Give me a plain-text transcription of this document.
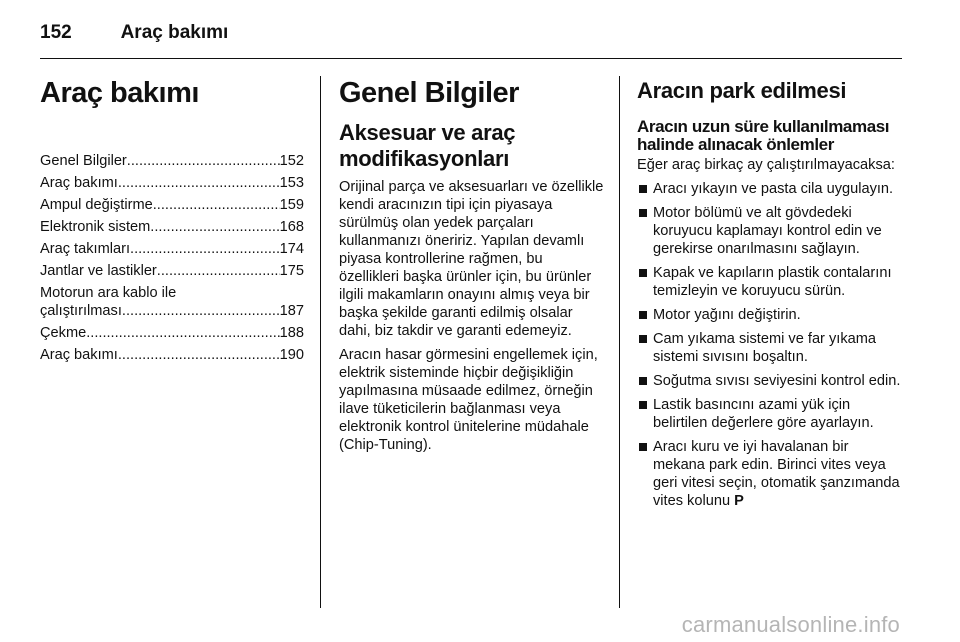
152	Araç bakımı
Araç bakımı
Genel Bilgiler .....	152
Araç bakımı .....	153
Ampul değiştirme .....	159
Elektronik sistem .....	168
Araç takımları .....	174
Jantlar ve lastikler .....	175
Motorun ara kablo ile
çalıştırılması .....	187
Çekme .....	188
Araç bakımı .....	190
Genel Bilgiler
Aksesuar ve araç modifikasyonları

Orijinal parça ve aksesuarları ve özellikle kendi aracınızın tipi için piyasaya sürülmüş olan yedek parçaları kullanmanızı öneririz. Yapılan devamlı piyasa kontrollerine rağmen, bu özellikleri başka ürünler için, bu ürünler ilgili makamların onayını almış veya bir başka şekilde garanti edilmiş olsalar dahi, biz takdir ve garanti edemeyiz.

Aracın hasar görmesini engellemek için, elektrik sisteminde hiçbir değişikliğin yapılmasına müsaade edilmez, örneğin ilave tüketicilerin bağlanması veya elektronik kontrol ünitelerine müdahale (Chip-Tuning).

Aracın park edilmesi
Aracın uzun süre kullanılmaması halinde alınacak önlemler

Eğer araç birkaç ay çalıştırılmayacaksa:

Aracı yıkayın ve pasta cila uygulayın.
Motor bölümü ve alt gövdedeki koruyucu kaplamayı kontrol edin ve gerekirse onarılmasını sağlayın.
Kapak ve kapıların plastik contalarını temizleyin ve koruyucu sürün.
Motor yağını değiştirin.
Cam yıkama sistemi ve far yıkama sistemi sıvısını boşaltın.
Soğutma sıvısı seviyesini kontrol edin.
Lastik basıncını azami yük için belirtilen değerlere göre ayarlayın.
Aracı kuru ve iyi havalanan bir mekana park edin. Birinci vites veya geri vitesi seçin, otomatik şanzımanda vites kolunu P
carmanualsonline.info
